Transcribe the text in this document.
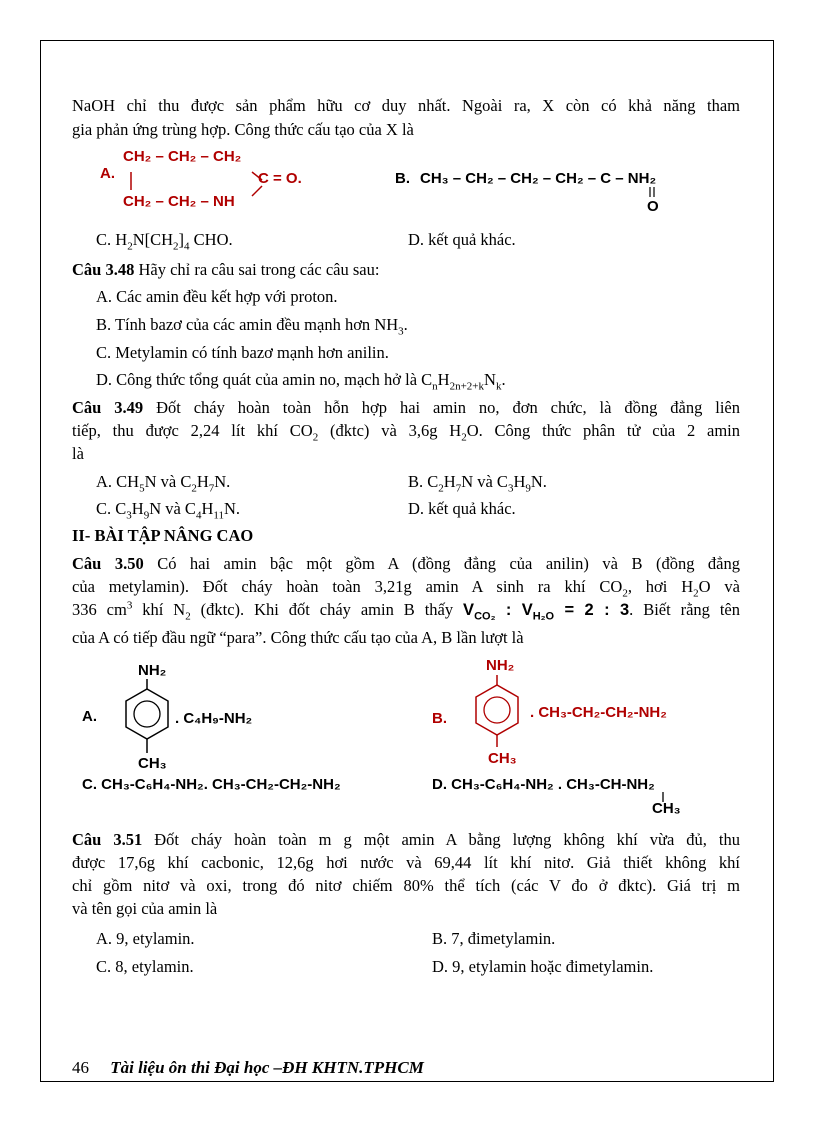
NaOH chỉ thu được sản phẩm hữu cơ duy nhất. Ngoài ra, X còn có khả năng tham
gia phản ứng trùng hợp. Công thức cấu tạo của X là
A.
CH₂ – CH₂ – CH₂
C = O.
CH₂ – CH₂ – NH
B. CH₃ – CH₂ – CH₂ – CH₂ – C – NH₂
O
C. $H_2N[CH_2]_4$ CHO.	D. kết quả khác.
Câu 3.48 Hãy chỉ ra câu sai trong các câu sau:
A. Các amin đều kết hợp với proton.
B. Tính bazơ của các amin đều mạnh hơn $NH_3$.
C. Metylamin có tính bazơ mạnh hơn anilin.
D. Công thức tổng quát của amin no, mạch hở là $C_nH_{2n+2+k}N_k$.
Câu 3.49 Đốt cháy hoàn toàn hỗn hợp hai amin no, đơn chức, là đồng đẳng liên
tiếp, thu được 2,24 lít khí $CO_2$ (đktc) và 3,6g $H_2O$. Công thức phân tử của 2 amin
là
A. $CH_5N$ và $C_2H_7N$.	B. $C_2H_7N$ và $C_3H_9N$.
C. $C_3H_9N$ và $C_4H_{11}N$.	D. kết quả khác.
II- BÀI TẬP NÂNG CAO
Câu 3.50 Có hai amin bậc một gồm A (đồng đẳng của anilin) và B (đồng đẳng
của metylamin). Đốt cháy hoàn toàn 3,21g amin A sinh ra khí $CO_2$, hơi $H_2O$ và
336 $cm^3$ khí $N_2$ (đktc). Khi đốt cháy amin B thấy $V_{CO_2}$ : $V_{H_2O} = 2$ : 3. Biết rằng tên
của A có tiếp đầu ngữ “para”. Công thức cấu tạo của A, B lần lượt là
NH₂
A.	. C₄H₉-NH₂
CH₃
NH₂
B.	. CH₃-CH₂-CH₂-NH₂
CH₃
C. CH₃-C₆H₄-NH₂. CH₃-CH₂-CH₂-NH₂	D. CH₃-C₆H₄-NH₂ . CH₃-CH-NH₂
CH₃
Câu 3.51 Đốt cháy hoàn toàn m g một amin A bằng lượng không khí vừa đủ, thu
được 17,6g khí cacbonic, 12,6g hơi nước và 69,44 lít khí nitơ. Giả thiết không khí
chỉ gồm nitơ và oxi, trong đó nitơ chiếm 80% thể tích (các V đo ở đktc). Giá trị m
và tên gọi của amin là
A. 9, etylamin.	B. 7, đimetylamin.
C. 8, etylamin.	D. 9, etylamin hoặc đimetylamin.
46 Tài liệu ôn thi Đại học –ĐH KHTN.TPHCM
